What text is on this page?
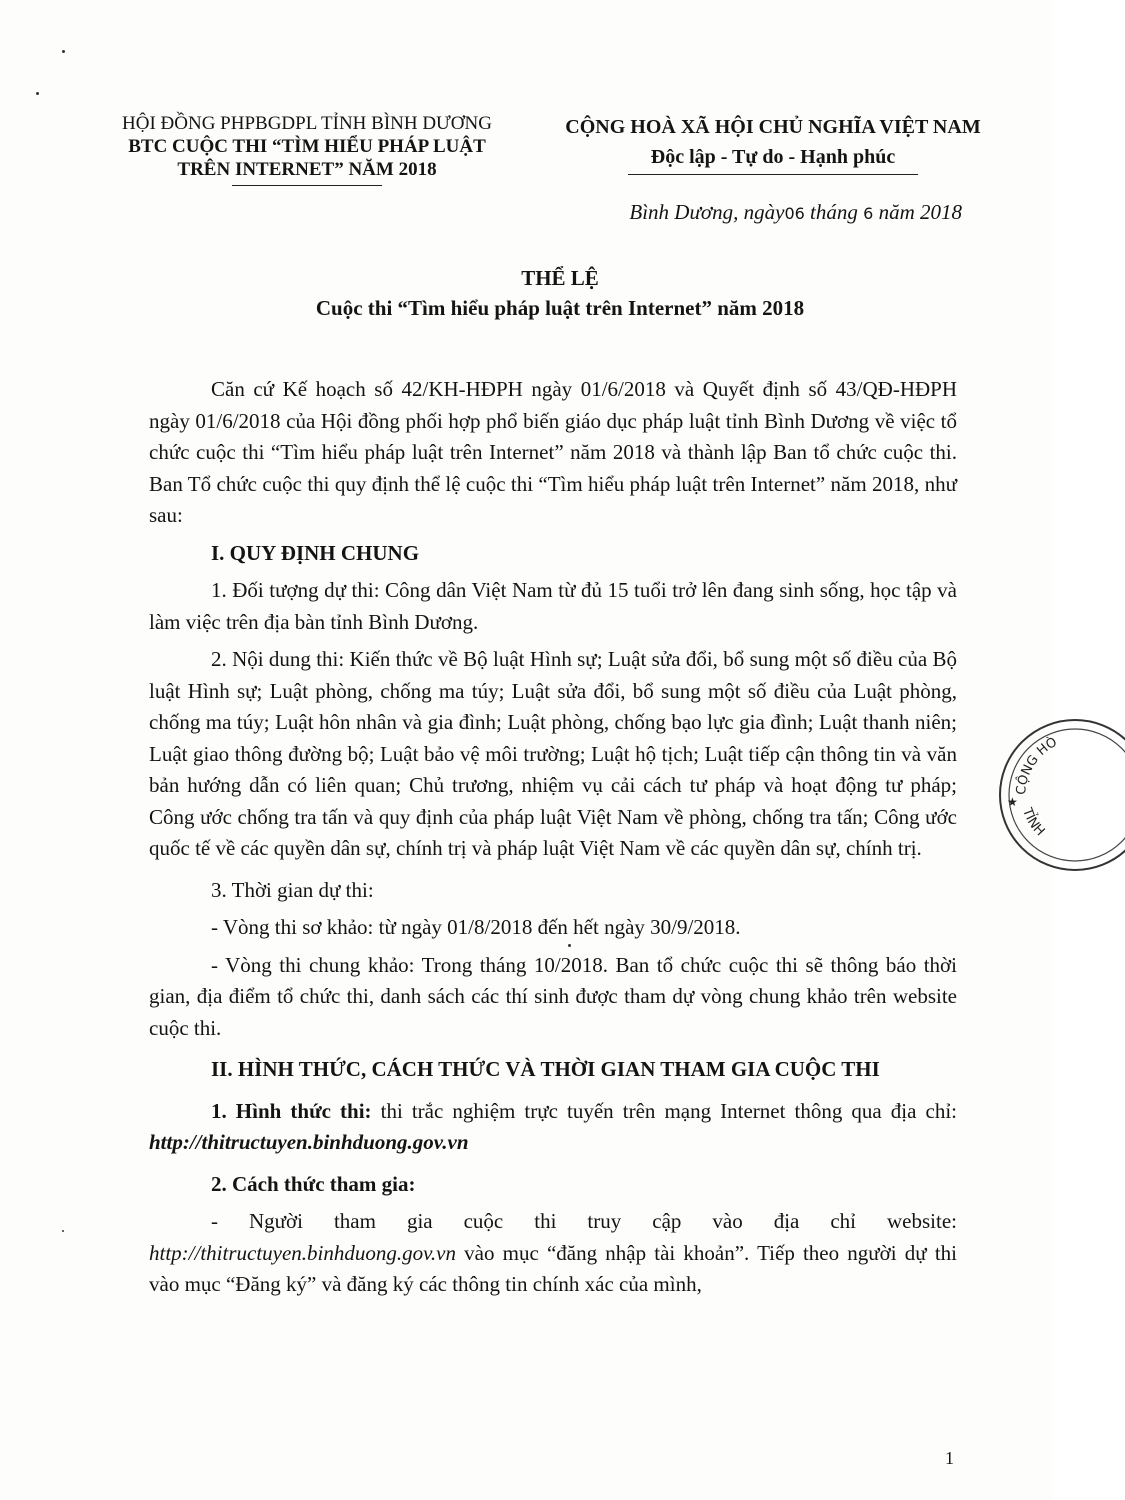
HỘI ĐỒNG PHPBGDPL TỈNH BÌNH DƯƠNG
BTC CUỘC THI “TÌM HIỂU PHÁP LUẬT
TRÊN INTERNET” NĂM 2018
CỘNG HOÀ XÃ HỘI CHỦ NGHĨA VIỆT NAM
Độc lập - Tự do - Hạnh phúc
Bình Dương, ngày06 tháng 6 năm 2018
THỂ LỆ
Cuộc thi “Tìm hiểu pháp luật trên Internet” năm 2018

Căn cứ Kế hoạch số 42/KH-HĐPH ngày 01/6/2018 và Quyết định số 43/QĐ-HĐPH ngày 01/6/2018 của Hội đồng phối hợp phổ biến giáo dục pháp luật tỉnh Bình Dương về việc tổ chức cuộc thi “Tìm hiểu pháp luật trên Internet” năm 2018 và thành lập Ban tổ chức cuộc thi. Ban Tổ chức cuộc thi quy định thể lệ cuộc thi “Tìm hiểu pháp luật trên Internet” năm 2018, như sau:

I. QUY ĐỊNH CHUNG

1. Đối tượng dự thi: Công dân Việt Nam từ đủ 15 tuổi trở lên đang sinh sống, học tập và làm việc trên địa bàn tỉnh Bình Dương.

2. Nội dung thi: Kiến thức về Bộ luật Hình sự; Luật sửa đổi, bổ sung một số điều của Bộ luật Hình sự; Luật phòng, chống ma túy; Luật sửa đổi, bổ sung một số điều của Luật phòng, chống ma túy; Luật hôn nhân và gia đình; Luật phòng, chống bạo lực gia đình; Luật thanh niên; Luật giao thông đường bộ; Luật bảo vệ môi trường; Luật hộ tịch; Luật tiếp cận thông tin và văn bản hướng dẫn có liên quan; Chủ trương, nhiệm vụ cải cách tư pháp và hoạt động tư pháp; Công ước chống tra tấn và quy định của pháp luật Việt Nam về phòng, chống tra tấn; Công ước quốc tế về các quyền dân sự, chính trị và pháp luật Việt Nam về các quyền dân sự, chính trị.

3. Thời gian dự thi:

- Vòng thi sơ khảo: từ ngày 01/8/2018 đến hết ngày 30/9/2018.

- Vòng thi chung khảo: Trong tháng 10/2018. Ban tổ chức cuộc thi sẽ thông báo thời gian, địa điểm tổ chức thi, danh sách các thí sinh được tham dự vòng chung khảo trên website cuộc thi.

II. HÌNH THỨC, CÁCH THỨC VÀ THỜI GIAN THAM GIA CUỘC THI

1. Hình thức thi: thi trắc nghiệm trực tuyến trên mạng Internet thông qua địa chỉ: http://thitructuyen.binhduong.gov.vn

2. Cách thức tham gia:

- Người tham gia cuộc thi truy cập vào địa chỉ website: http://thitructuyen.binhduong.gov.vn vào mục “đăng nhập tài khoản”. Tiếp theo người dự thi vào mục “Đăng ký” và đăng ký các thông tin chính xác của mình,

CỘNG HÒ
TỈNH
★
1
